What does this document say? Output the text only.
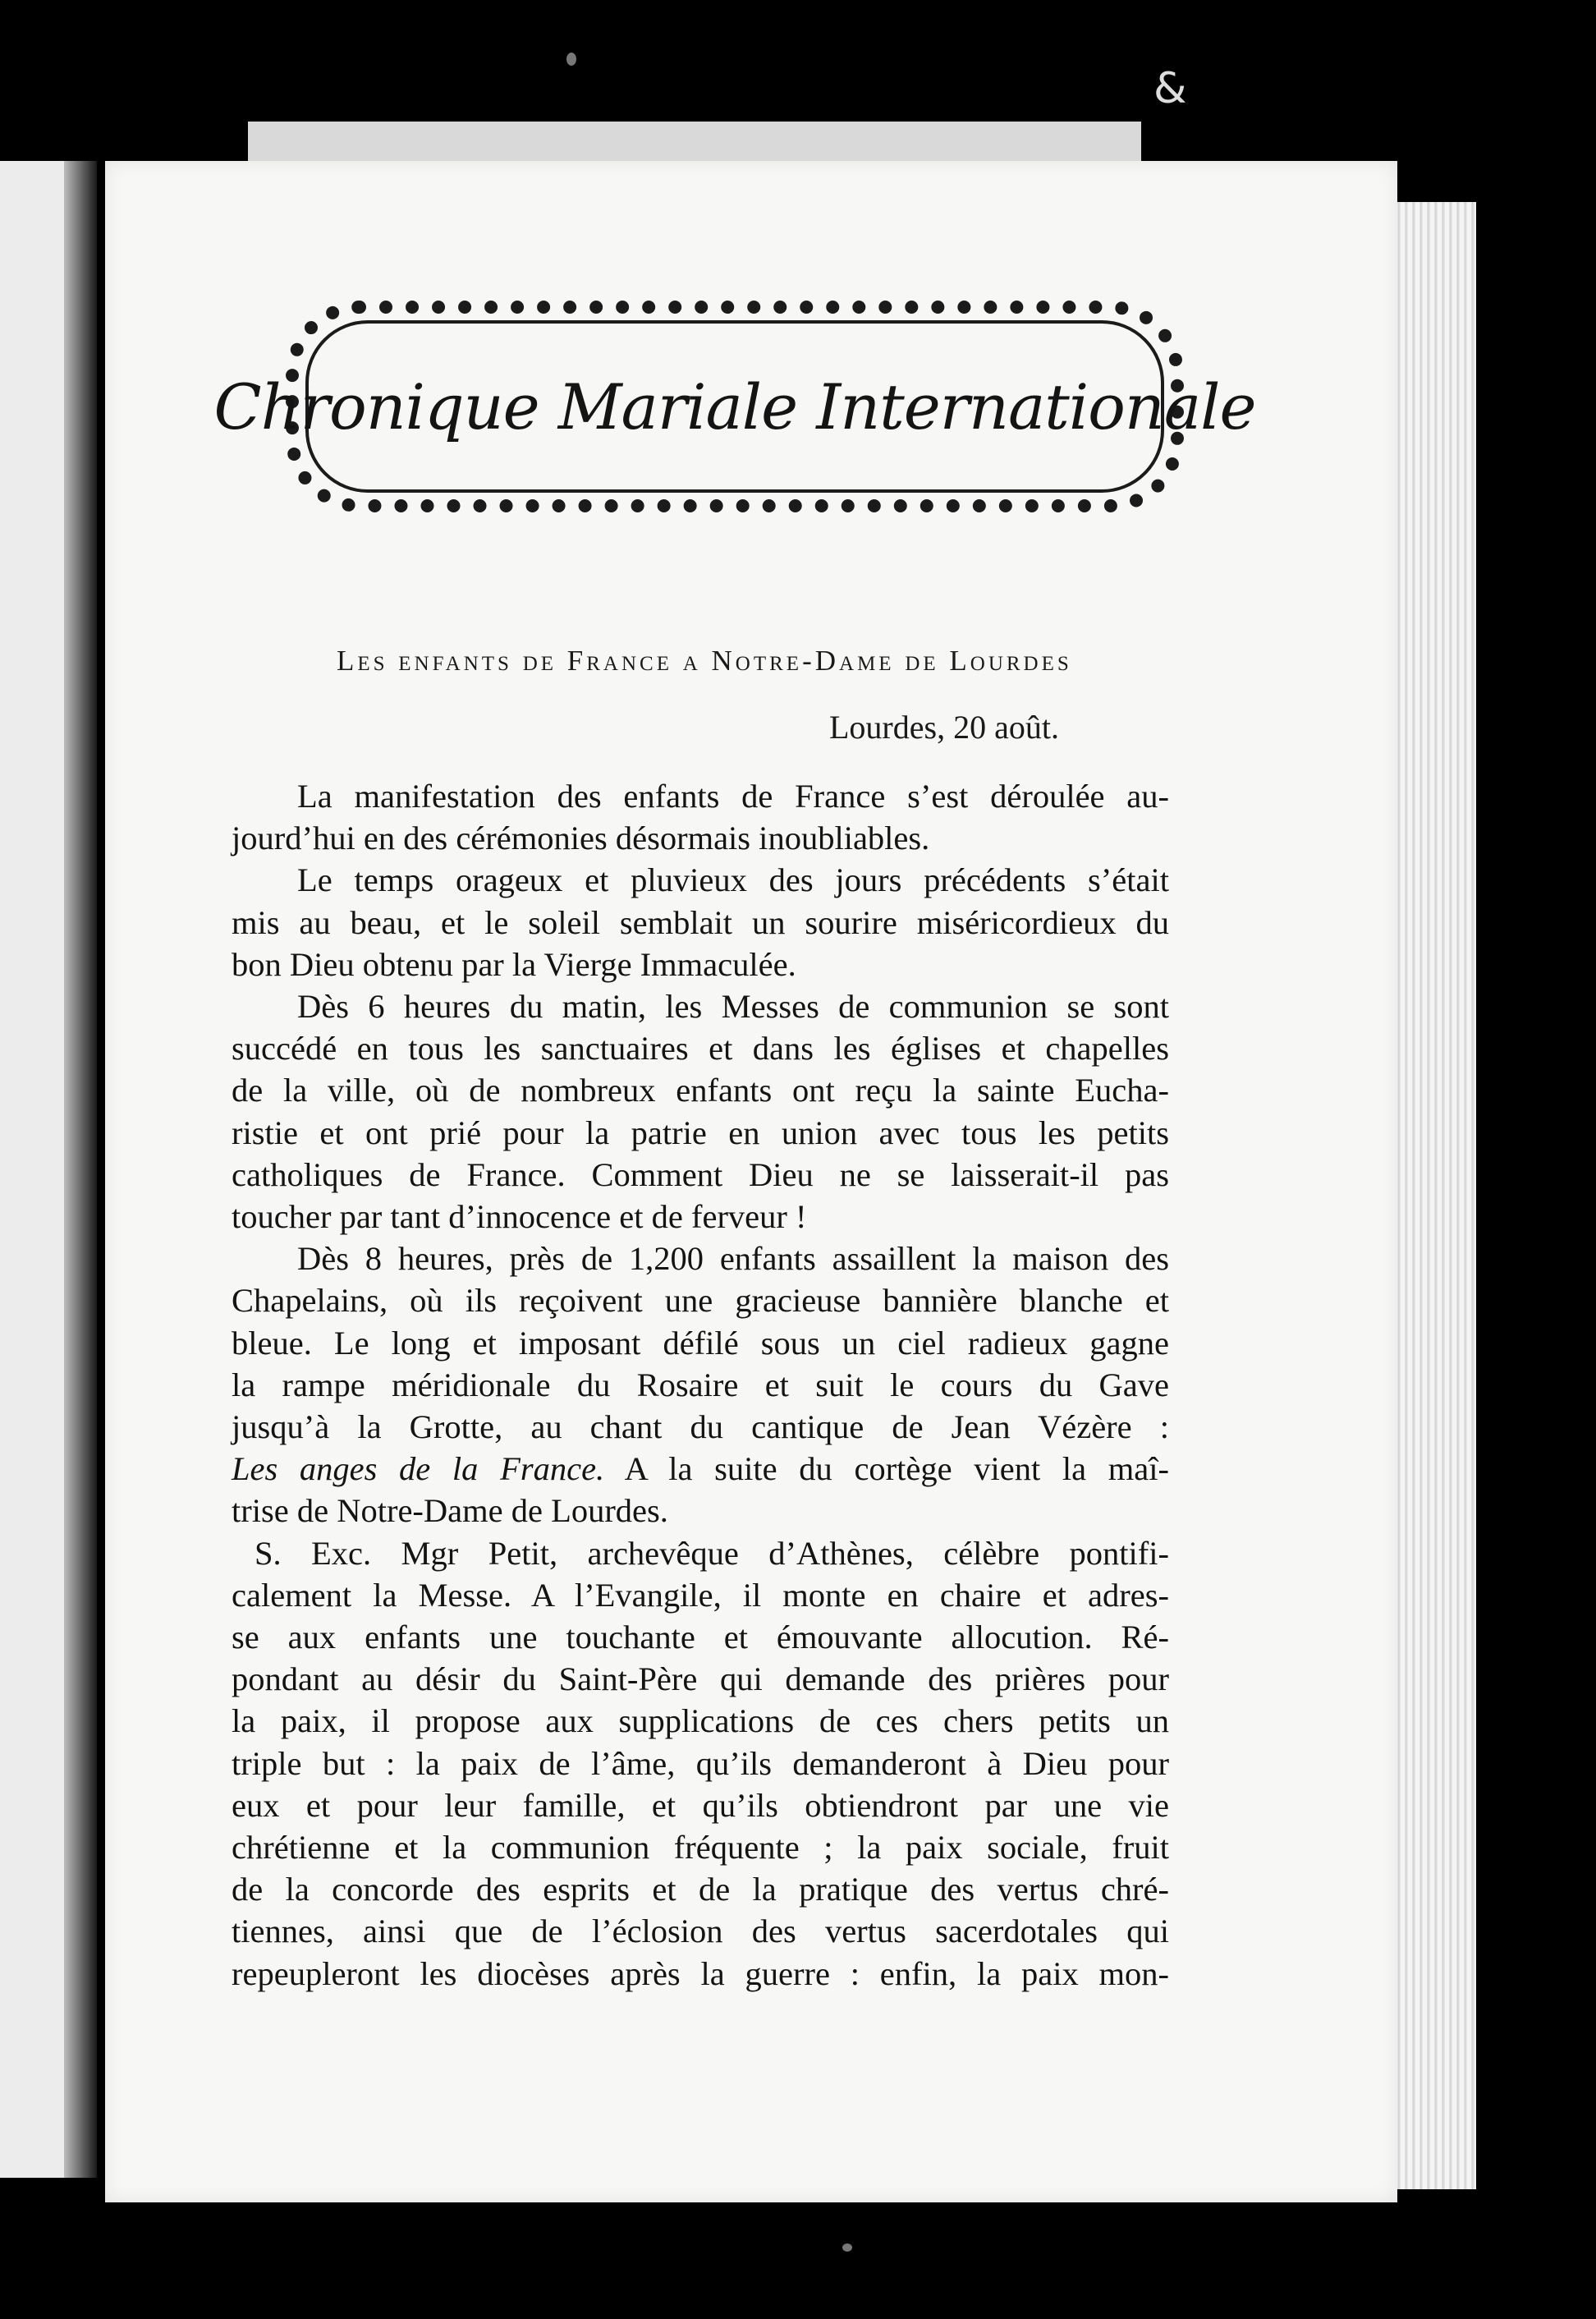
&
Chronique Mariale Internationale
Les enfants de France a Notre-Dame de Lourdes
Lourdes, 20 août.
La manifestation des enfants de France s’est déroulée au-
jourd’hui en des cérémonies désormais inoubliables.
Le temps orageux et pluvieux des jours précédents s’était
mis au beau, et le soleil semblait un sourire miséricordieux du
bon Dieu obtenu par la Vierge Immaculée.
Dès 6 heures du matin, les Messes de communion se sont
succédé en tous les sanctuaires et dans les églises et chapelles
de la ville, où de nombreux enfants ont reçu la sainte Eucha-
ristie et ont prié pour la patrie en union avec tous les petits
catholiques de France. Comment Dieu ne se laisserait-il pas
toucher par tant d’innocence et de ferveur !
Dès 8 heures, près de 1,200 enfants assaillent la maison des
Chapelains, où ils reçoivent une gracieuse bannière blanche et
bleue. Le long et imposant défilé sous un ciel radieux gagne
la rampe méridionale du Rosaire et suit le cours du Gave
jusqu’à la Grotte, au chant du cantique de Jean Vézère :
Les anges de la France. A la suite du cortège vient la maî-
trise de Notre-Dame de Lourdes.
S. Exc. Mgr Petit, archevêque d’Athènes, célèbre pontifi-
calement la Messe. A l’Evangile, il monte en chaire et adres-
se aux enfants une touchante et émouvante allocution. Ré-
pondant au désir du Saint-Père qui demande des prières pour
la paix, il propose aux supplications de ces chers petits un
triple but : la paix de l’âme, qu’ils demanderont à Dieu pour
eux et pour leur famille, et qu’ils obtiendront par une vie
chrétienne et la communion fréquente ; la paix sociale, fruit
de la concorde des esprits et de la pratique des vertus chré-
tiennes, ainsi que de l’éclosion des vertus sacerdotales qui
repeupleront les diocèses après la guerre : enfin, la paix mon-
